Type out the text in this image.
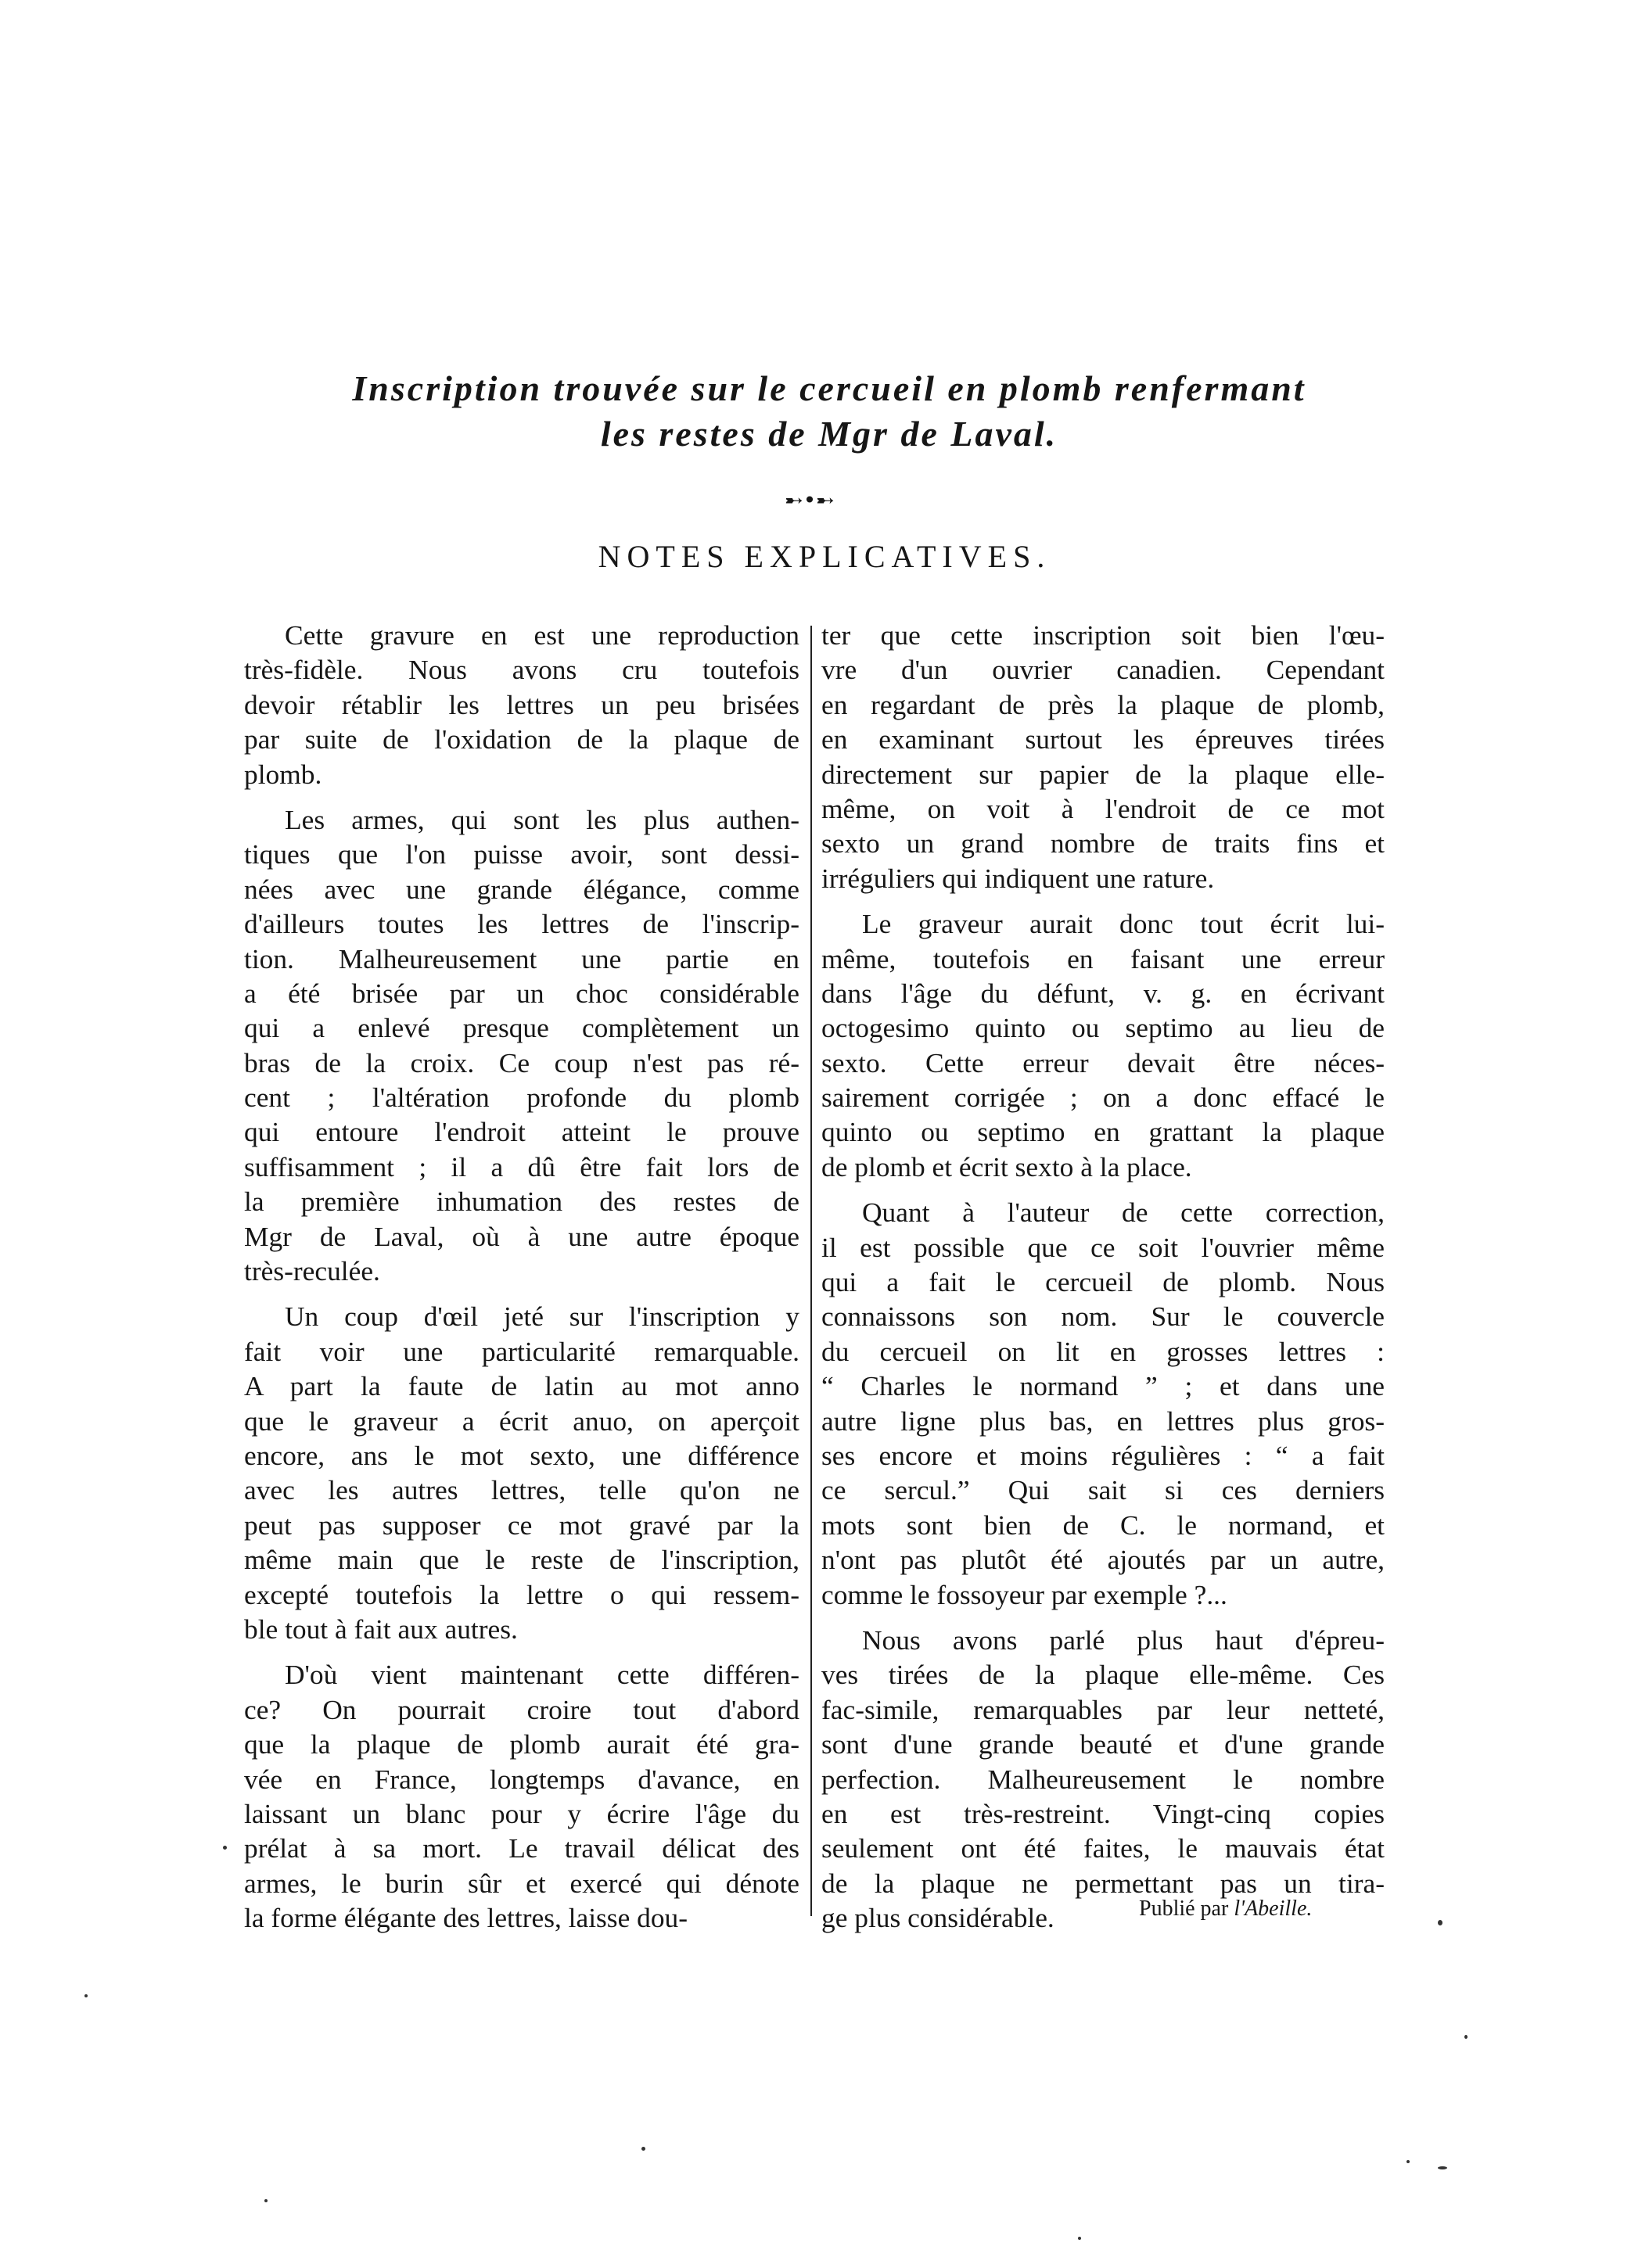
Inscription trouvée sur le cercueil en plomb renfermant
les restes de Mgr de Laval.
➸•➸
NOTES EXPLICATIVES.
Cette gravure en est une reproduction
très-fidèle. Nous avons cru toutefois
devoir rétablir les lettres un peu brisées
par suite de l'oxidation de la plaque de
plomb.
Les armes, qui sont les plus authen-
tiques que l'on puisse avoir, sont dessi-
nées avec une grande élégance, comme
d'ailleurs toutes les lettres de l'inscrip-
tion. Malheureusement une partie en
a été brisée par un choc considérable
qui a enlevé presque complètement un
bras de la croix. Ce coup n'est pas ré-
cent ; l'altération profonde du plomb
qui entoure l'endroit atteint le prouve
suffisamment ; il a dû être fait lors de
la première inhumation des restes de
Mgr de Laval, où à une autre époque
très-reculée.
Un coup d'œil jeté sur l'inscription y
fait voir une particularité remarquable.
A part la faute de latin au mot anno
que le graveur a écrit anuo, on aperçoit
encore, ans le mot sexto, une différence
avec les autres lettres, telle qu'on ne
peut pas supposer ce mot gravé par la
même main que le reste de l'inscription,
excepté toutefois la lettre o qui ressem-
ble tout à fait aux autres.
D'où vient maintenant cette différen-
ce? On pourrait croire tout d'abord
que la plaque de plomb aurait été gra-
vée en France, longtemps d'avance, en
laissant un blanc pour y écrire l'âge du
prélat à sa mort. Le travail délicat des
armes, le burin sûr et exercé qui dénote
la forme élégante des lettres, laisse dou-
ter que cette inscription soit bien l'œu-
vre d'un ouvrier canadien. Cependant
en regardant de près la plaque de plomb,
en examinant surtout les épreuves tirées
directement sur papier de la plaque elle-
même, on voit à l'endroit de ce mot
sexto un grand nombre de traits fins et
irréguliers qui indiquent une rature.
Le graveur aurait donc tout écrit lui-
même, toutefois en faisant une erreur
dans l'âge du défunt, v. g. en écrivant
octogesimo quinto ou septimo au lieu de
sexto. Cette erreur devait être néces-
sairement corrigée ; on a donc effacé le
quinto ou septimo en grattant la plaque
de plomb et écrit sexto à la place.
Quant à l'auteur de cette correction,
il est possible que ce soit l'ouvrier même
qui a fait le cercueil de plomb. Nous
connaissons son nom. Sur le couvercle
du cercueil on lit en grosses lettres :
“ Charles le normand ” ; et dans une
autre ligne plus bas, en lettres plus gros-
ses encore et moins régulières : “ a fait
ce sercul.” Qui sait si ces derniers
mots sont bien de C. le normand, et
n'ont pas plutôt été ajoutés par un autre,
comme le fossoyeur par exemple ?...
Nous avons parlé plus haut d'épreu-
ves tirées de la plaque elle-même. Ces
fac-simile, remarquables par leur netteté,
sont d'une grande beauté et d'une grande
perfection. Malheureusement le nombre
en est très-restreint. Vingt-cinq copies
seulement ont été faites, le mauvais état
de la plaque ne permettant pas un tira-
ge plus considérable.	Publié par l'Abeille.
